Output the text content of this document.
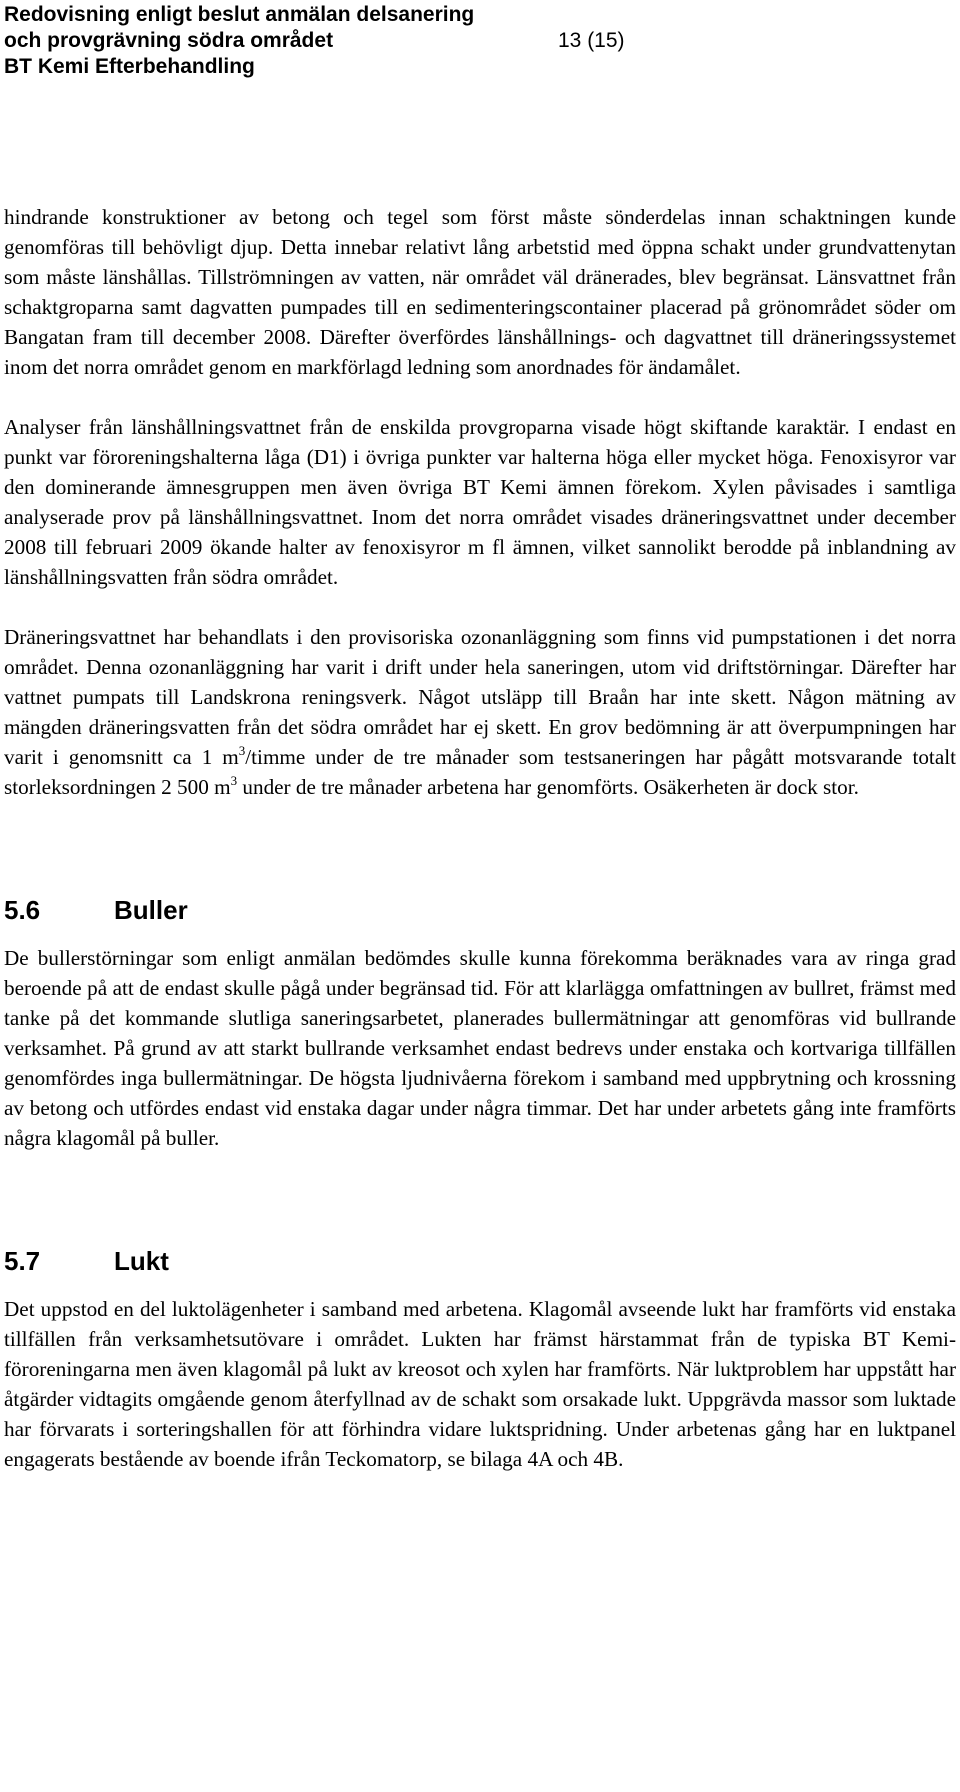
Redovisning enligt beslut anmälan delsanering
och provgrävning södra området
BT Kemi Efterbehandling
13 (15)

hindrande konstruktioner av betong och tegel som först måste sönderdelas innan schaktningen kunde genomföras till behövligt djup. Detta innebar relativt lång arbetstid med öppna schakt under grundvattenytan som måste länshållas. Tillströmningen av vatten, när området väl dränerades, blev begränsat. Länsvattnet från schaktgroparna samt dagvatten pumpades till en sedimenteringscontainer placerad på grönområdet söder om Bangatan fram till december 2008. Därefter överfördes länshållnings- och dagvattnet till dräneringssystemet inom det norra området genom en markförlagd ledning som anordnades för ändamålet.

Analyser från länshållningsvattnet från de enskilda provgroparna visade högt skiftande karaktär. I endast en punkt var föroreningshalterna låga (D1) i övriga punkter var halterna höga eller mycket höga. Fenoxisyror var den dominerande ämnesgruppen men även övriga BT Kemi ämnen förekom. Xylen påvisades i samtliga analyserade prov på länshållningsvattnet. Inom det norra området visades dräneringsvattnet under december 2008 till februari 2009 ökande halter av fenoxisyror m fl ämnen, vilket sannolikt berodde på inblandning av länshållningsvatten från södra området.

Dräneringsvattnet har behandlats i den provisoriska ozonanläggning som finns vid pumpstationen i det norra området. Denna ozonanläggning har varit i drift under hela saneringen, utom vid driftstörningar. Därefter har vattnet pumpats till Landskrona reningsverk. Något utsläpp till Braån har inte skett. Någon mätning av mängden dräneringsvatten från det södra området har ej skett. En grov bedömning är att överpumpningen har varit i genomsnitt ca 1 $m^3$/timme under de tre månader som testsaneringen har pågått motsvarande totalt storleksordningen 2 500 $m^3$ under de tre månader arbetena har genomförts. Osäkerheten är dock stor.

5.6	Buller

De bullerstörningar som enligt anmälan bedömdes skulle kunna förekomma beräknades vara av ringa grad beroende på att de endast skulle pågå under begränsad tid. För att klarlägga omfattningen av bullret, främst med tanke på det kommande slutliga saneringsarbetet, planerades bullermätningar att genomföras vid bullrande verksamhet. På grund av att starkt bullrande verksamhet endast bedrevs under enstaka och kortvariga tillfällen genomfördes inga bullermätningar. De högsta ljudnivåerna förekom i samband med uppbrytning och krossning av betong och utfördes endast vid enstaka dagar under några timmar. Det har under arbetets gång inte framförts några klagomål på buller.

5.7	Lukt

Det uppstod en del luktolägenheter i samband med arbetena. Klagomål avseende lukt har framförts vid enstaka tillfällen från verksamhetsutövare i området. Lukten har främst härstammat från de typiska BT Kemi-föroreningarna men även klagomål på lukt av kreosot och xylen har framförts. När luktproblem har uppstått har åtgärder vidtagits omgående genom återfyllnad av de schakt som orsakade lukt. Uppgrävda massor som luktade har förvarats i sorteringshallen för att förhindra vidare luktspridning. Under arbetenas gång har en luktpanel engagerats bestående av boende ifrån Teckomatorp, se bilaga 4A och 4B.
